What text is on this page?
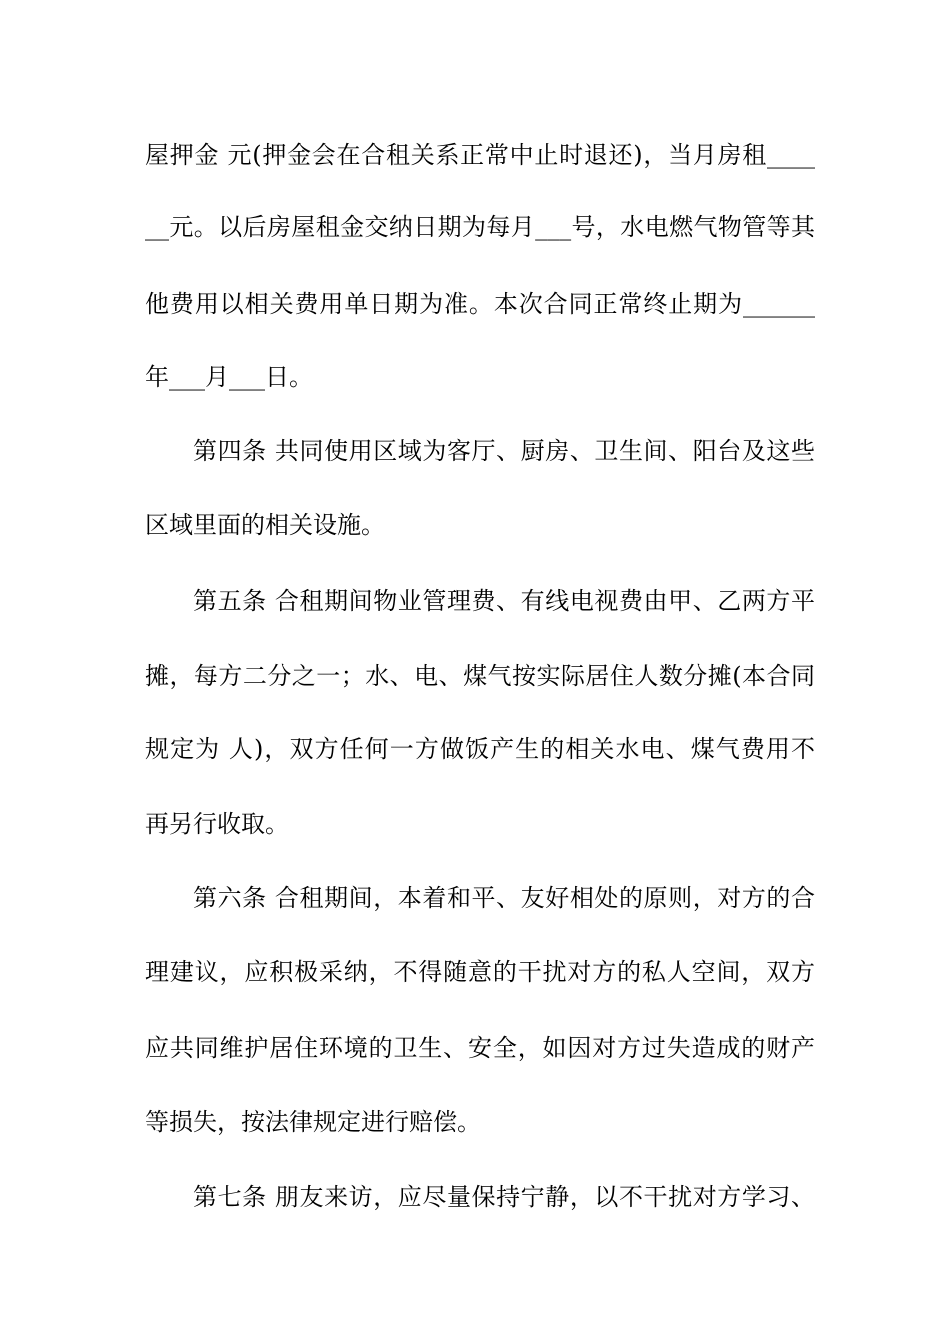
屋押金 元(押金会在合租关系正常中止时退还)，当月房租____
__元。以后房屋租金交纳日期为每月___号，水电燃气物管等其
他费用以相关费用单日期为准。本次合同正常终止期为______
年___月___日。
第四条 共同使用区域为客厅、厨房、卫生间、阳台及这些
区域里面的相关设施。
第五条 合租期间物业管理费、有线电视费由甲、乙两方平
摊，每方二分之一；水、电、煤气按实际居住人数分摊(本合同
规定为 人)，双方任何一方做饭产生的相关水电、煤气费用不
再另行收取。
第六条 合租期间，本着和平、友好相处的原则，对方的合
理建议，应积极采纳，不得随意的干扰对方的私人空间，双方
应共同维护居住环境的卫生、安全，如因对方过失造成的财产
等损失，按法律规定进行赔偿。
第七条 朋友来访，应尽量保持宁静，以不干扰对方学习、
